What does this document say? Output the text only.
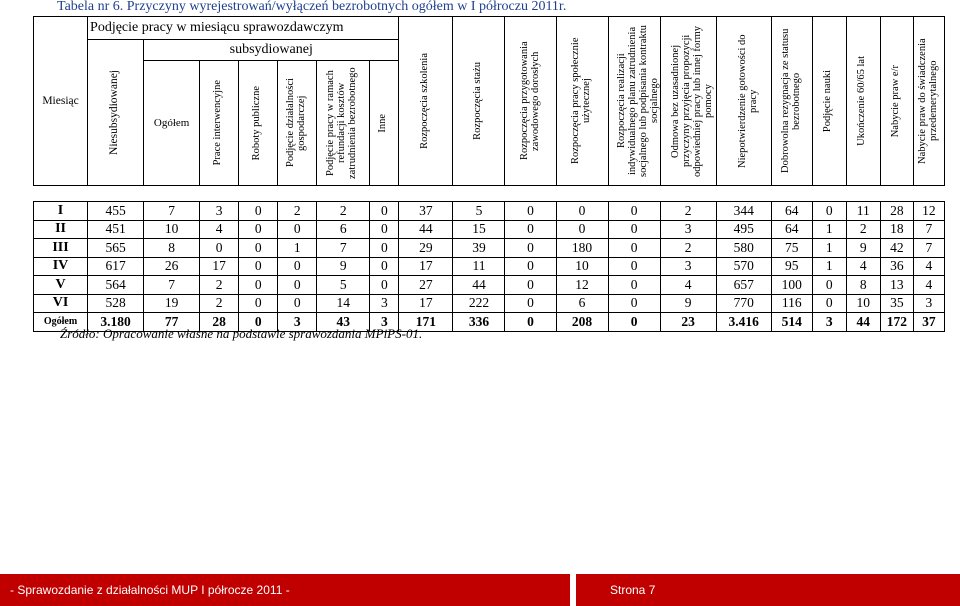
Tabela nr 6. Przyczyny wyrejestrowań/wyłączeń bezrobotnych ogółem w I półroczu 2011r.
Miesiąc	Podjęcie pracy w miesiącu sprawozdawczym							Rozpoczęcia szkolenia	Rozpoczęcia stażu	Rozpoczęcia przygotowania zawodowego dorosłych	Rozpoczęcia pracy społecznie użytecznej	Rozpoczęcia realizacji indywidualnego planu zatrudnienia socjalnego lub podpisania kontraktu socjalnego	Odmowa bez uzasadnionej przyczyny przyjęcia propozycji odpowiedniej pracy lub innej formy pomocy	Niepotwierdzenie gotowości do pracy	Dobrowolna rezygnacja ze statusu bezrobotnego	Podjęcie nauki	Ukończenie 60/65 lat	Nabycie praw e/r	Nabycie praw do świadczenia przedemerytalnego

	Niesubsydiowanej	subsydiowanej																	
		Ogółem	Prace interwencyjne	Roboty publiczne	Podjęcie działalności gospodarczej	Podjęcie pracy w ramach refundacji kosztów zatrudnienia bezrobotnego	Inne												

I	455	7	3	0	2	2	0	37	5	0	0	0	2	344	64	0	11	28	12
II	451	10	4	0	0	6	0	44	15	0	0	0	3	495	64	1	2	18	7
III	565	8	0	0	1	7	0	29	39	0	180	0	2	580	75	1	9	42	7
IV	617	26	17	0	0	9	0	17	11	0	10	0	3	570	95	1	4	36	4
V	564	7	2	0	0	5	0	27	44	0	12	0	4	657	100	0	8	13	4
VI	528	19	2	0	0	14	3	17	222	0	6	0	9	770	116	0	10	35	3
Ogółem	3.180	77	28	0	3	43	3	171	336	0	208	0	23	3.416	514	3	44	172	37
Źródło: Opracowanie własne na podstawie sprawozdania MPiPS-01.
- Sprawozdanie z działalności MUP I półrocze 2011 -	Strona 7
